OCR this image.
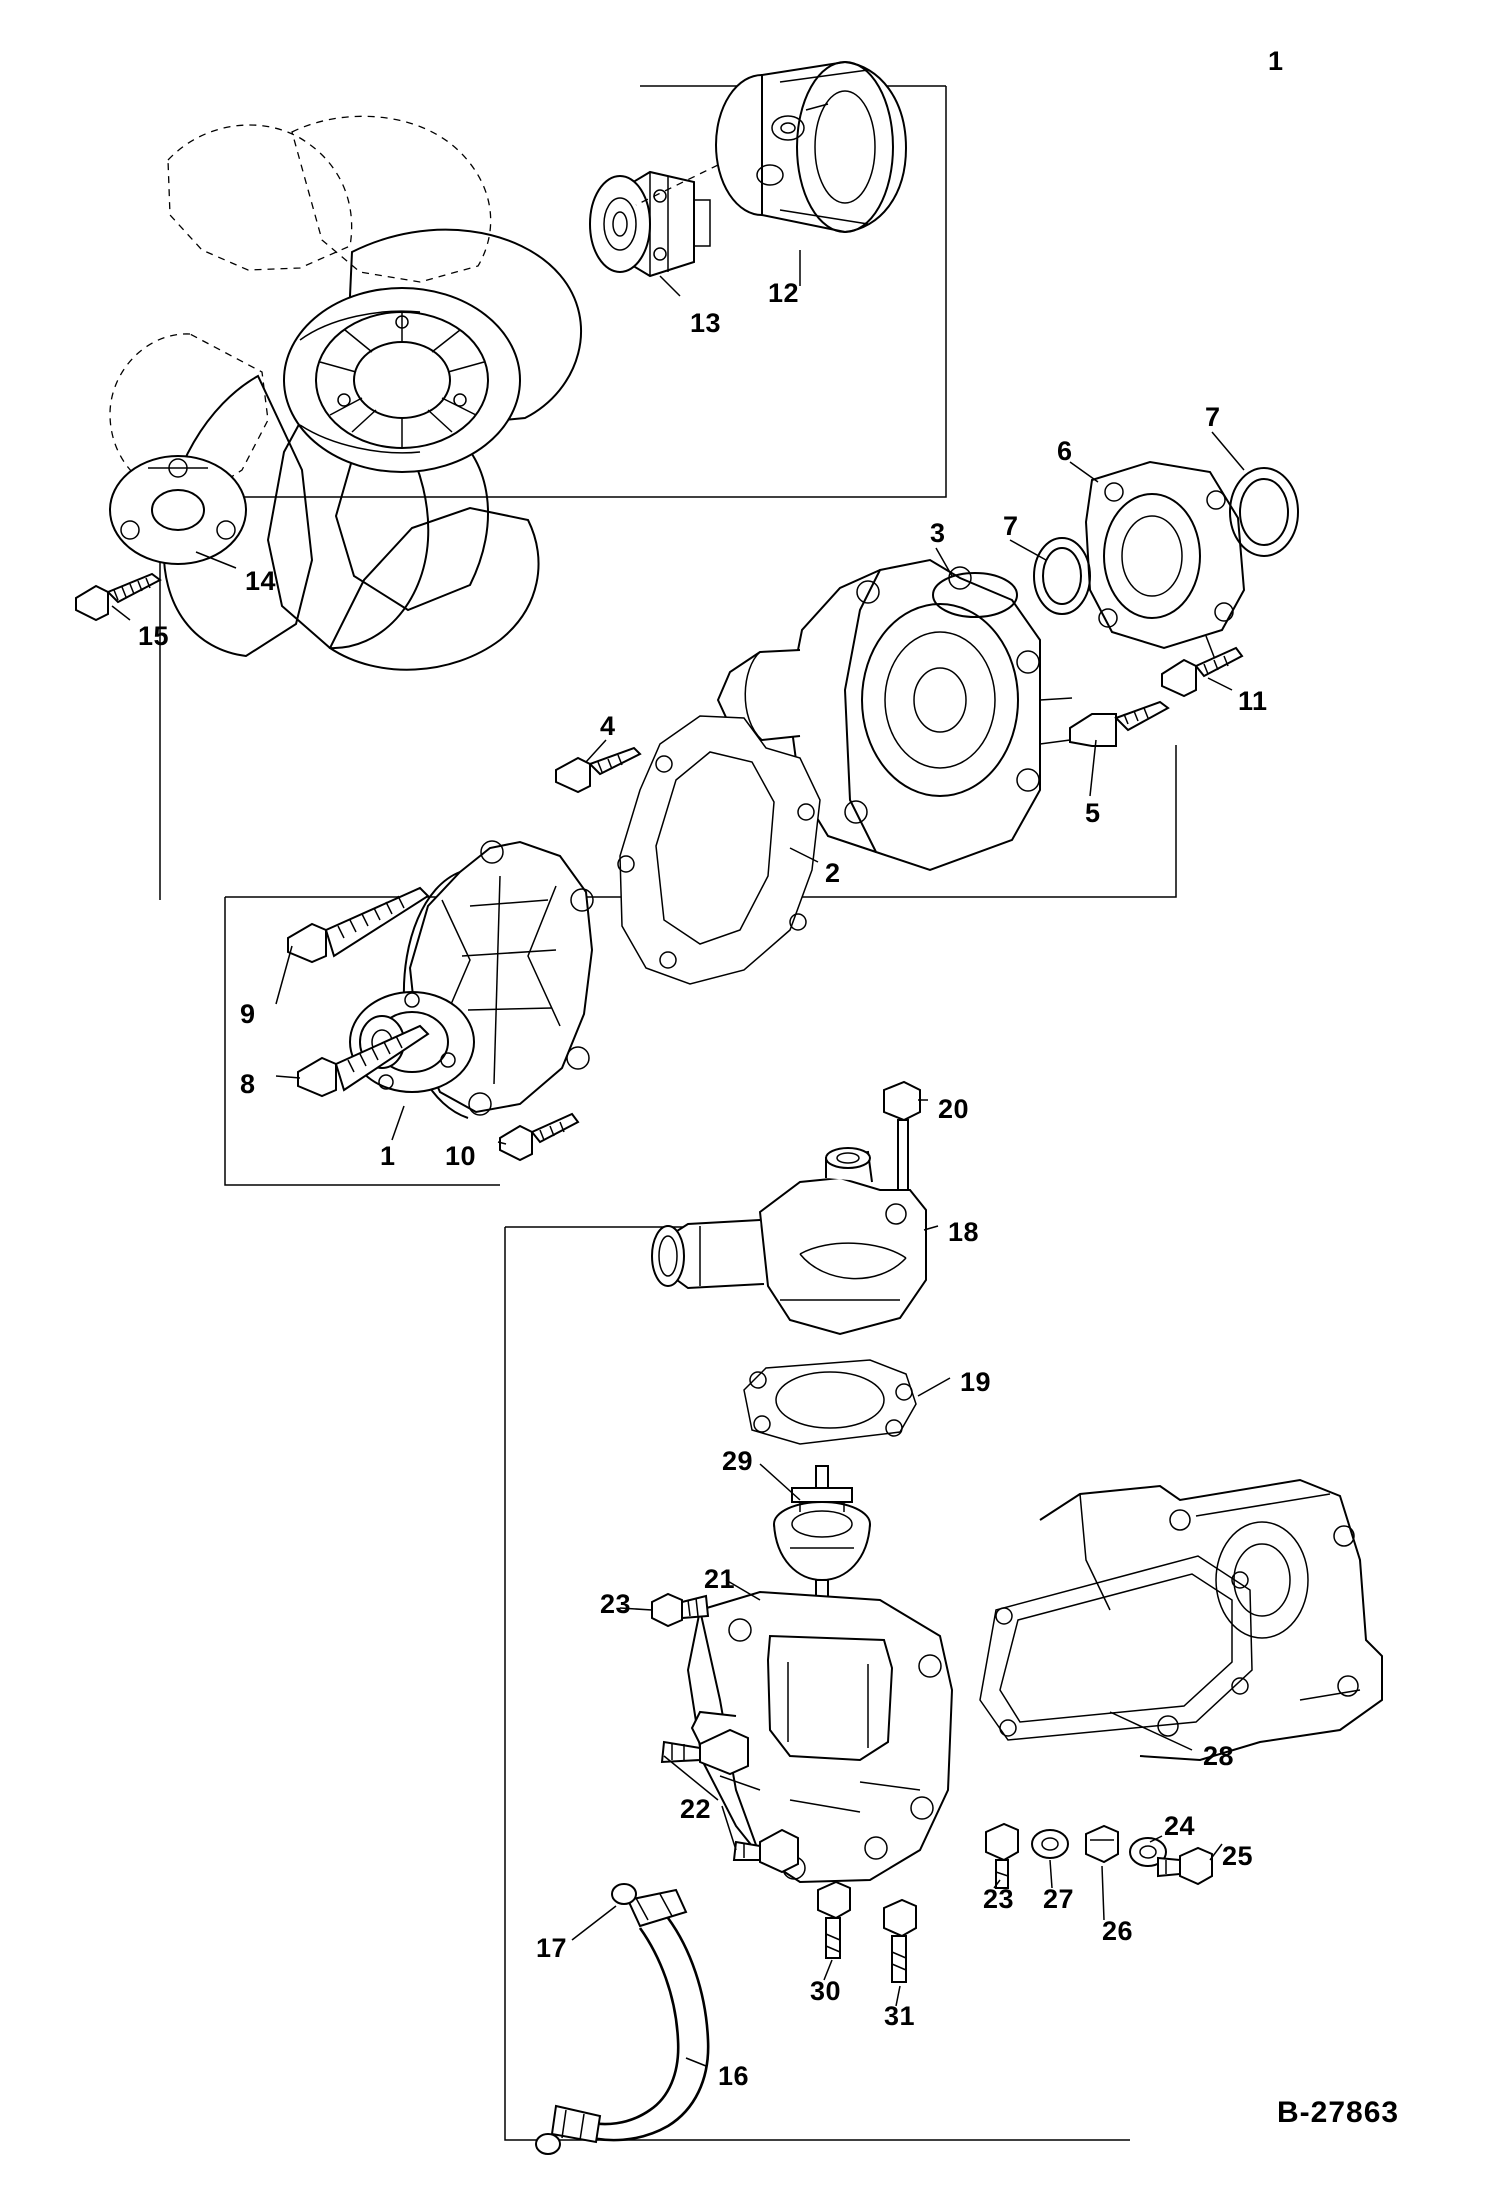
1
12
13
14
15
7
6
7
3
11
4
5
2
9
8
1 10
20
18
19
29
21
23
22
28
24
25
23 27
26
17
30
31
16
B-27863
